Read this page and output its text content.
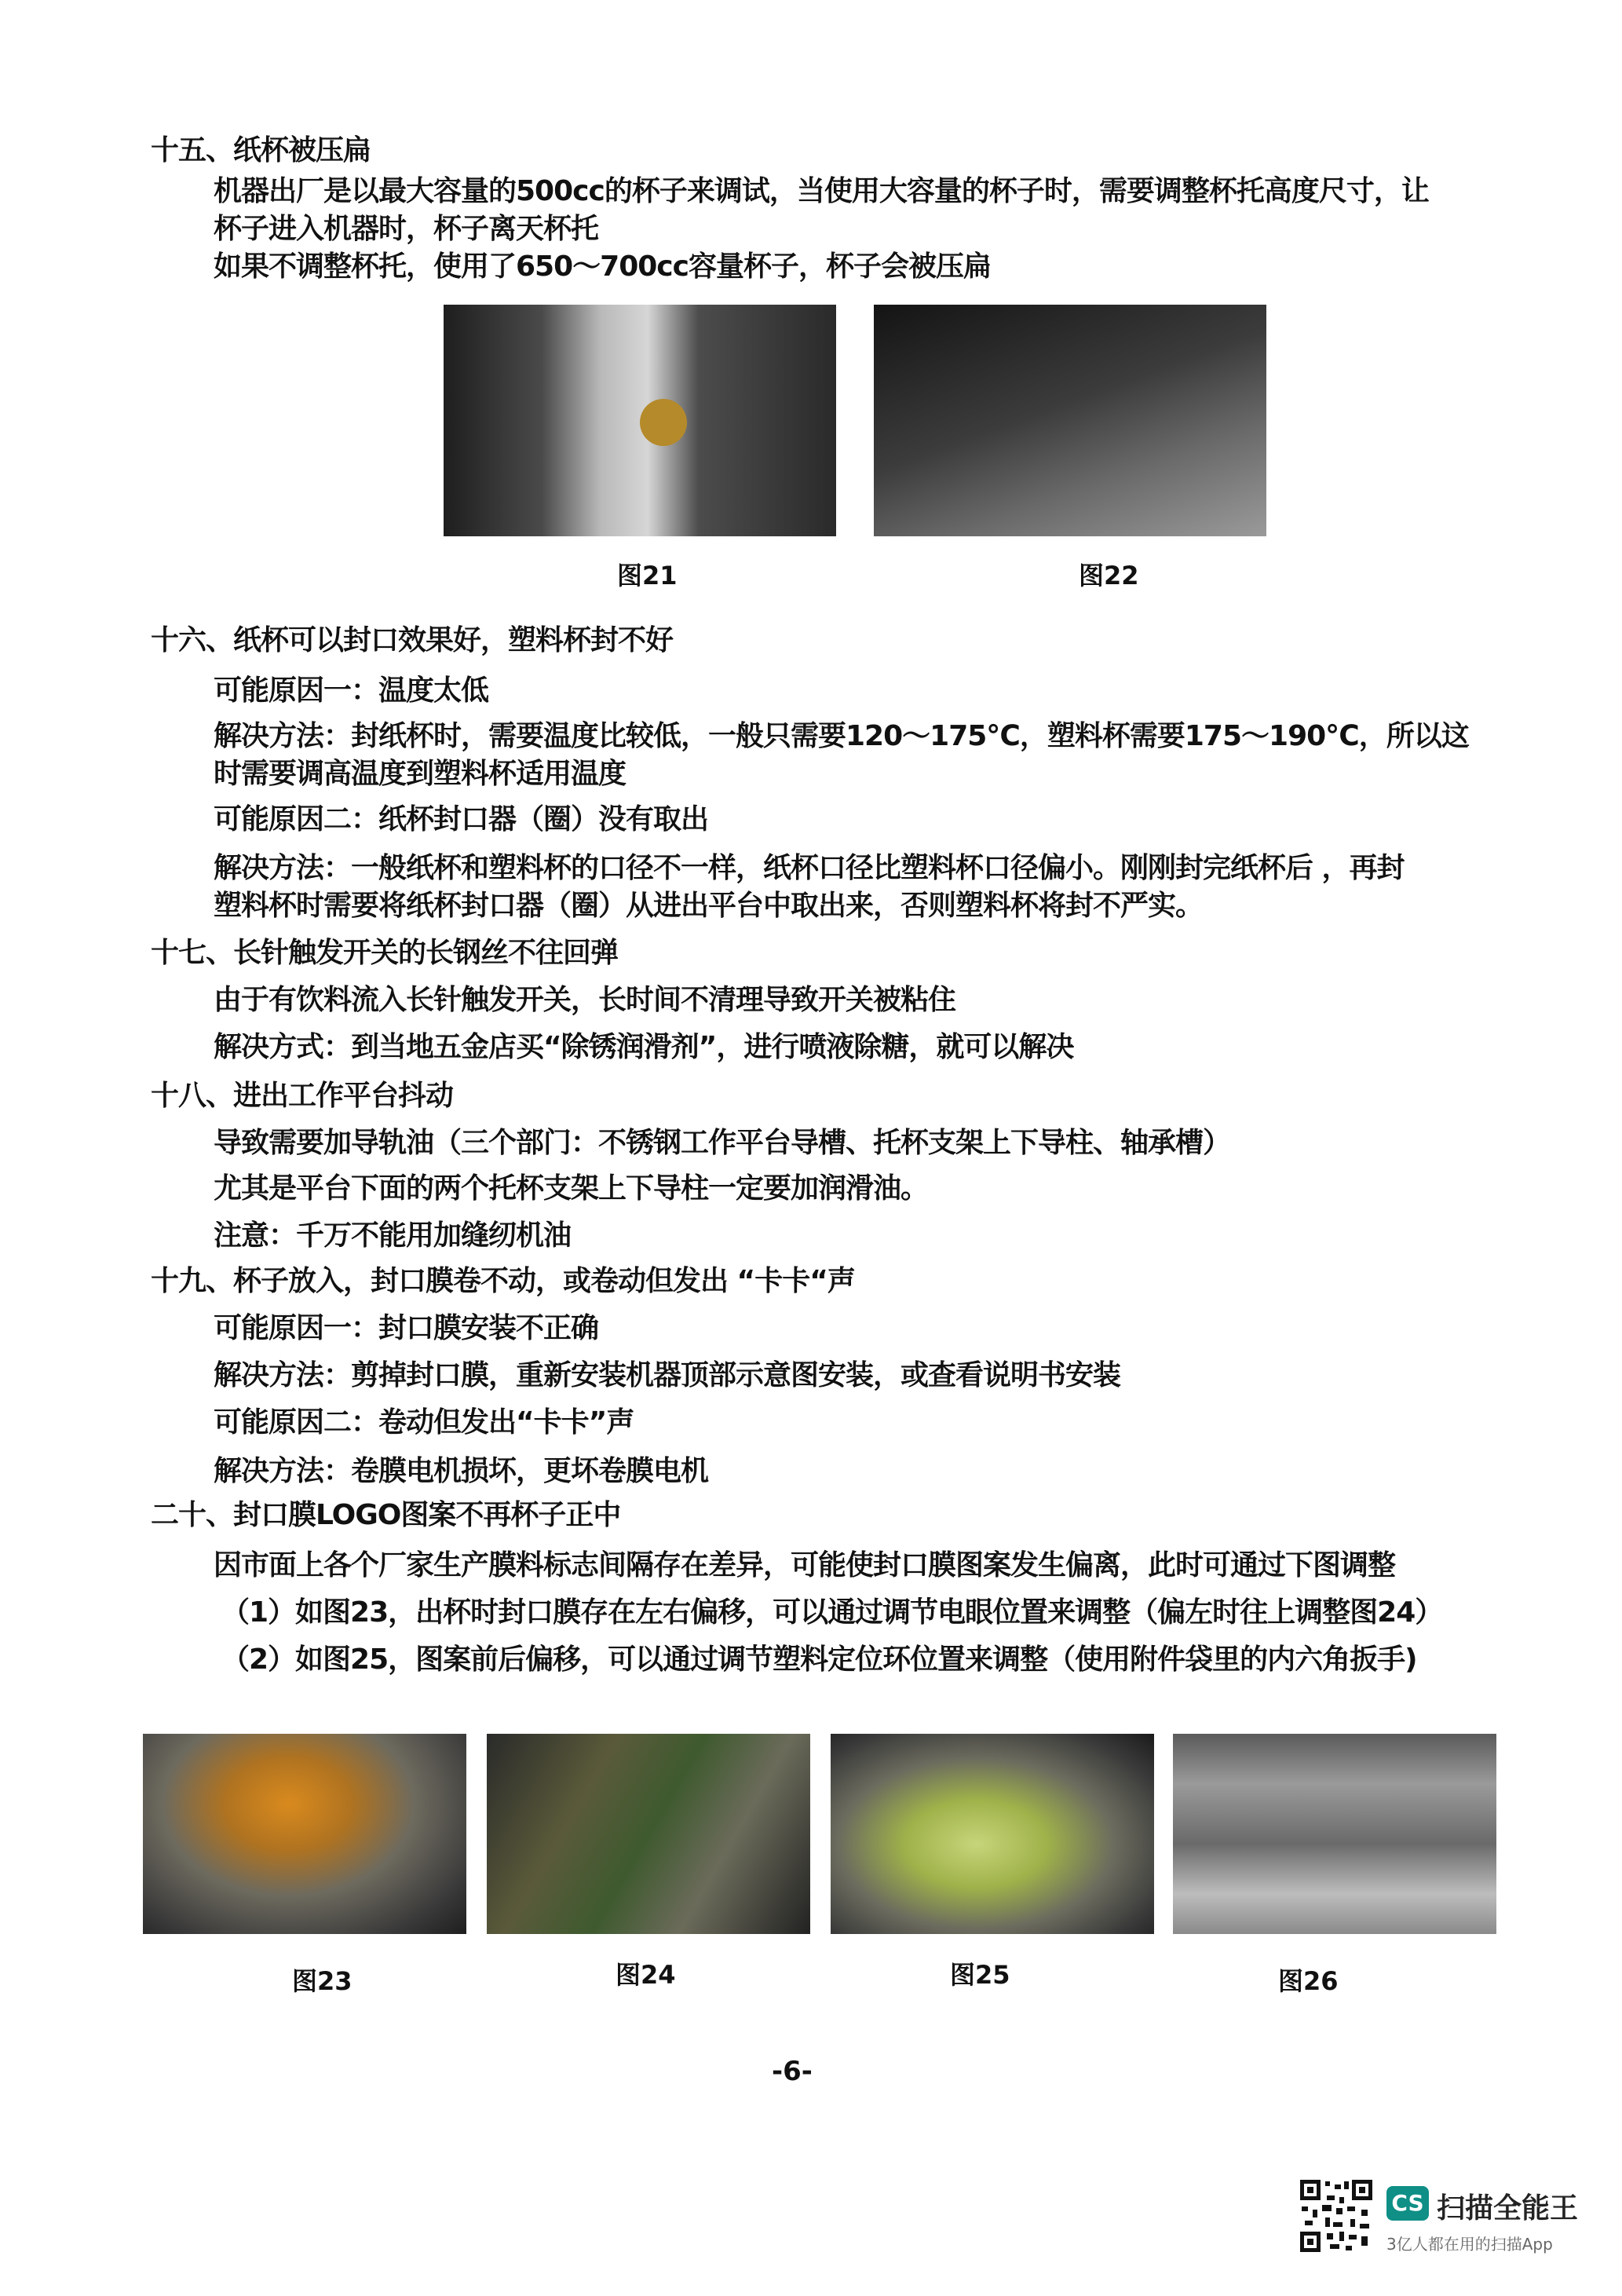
十五、纸杯被压扁
机器出厂是以最大容量的500cc的杯子来调试，当使用大容量的杯子时，需要调整杯托高度尺寸，让
杯子进入机器时，杯子离天杯托
如果不调整杯托，使用了650～700cc容量杯子，杯子会被压扁
图21	图22
十六、纸杯可以封口效果好，塑料杯封不好
可能原因一：温度太低
解决方法：封纸杯时，需要温度比较低，一般只需要120～175℃，塑料杯需要175～190℃，所以这
时需要调高温度到塑料杯适用温度
可能原因二：纸杯封口器（圈）没有取出
解决方法：一般纸杯和塑料杯的口径不一样，纸杯口径比塑料杯口径偏小。刚刚封完纸杯后 ，再封
塑料杯时需要将纸杯封口器（圈）从进出平台中取出来，否则塑料杯将封不严实。
十七、长针触发开关的长钢丝不往回弹
由于有饮料流入长针触发开关，长时间不清理导致开关被粘住
解决方式：到当地五金店买“除锈润滑剂”，进行喷液除糖，就可以解决
十八、进出工作平台抖动
导致需要加导轨油（三个部门：不锈钢工作平台导槽、托杯支架上下导柱、轴承槽）
尤其是平台下面的两个托杯支架上下导柱一定要加润滑油。
注意：千万不能用加缝纫机油
十九、杯子放入，封口膜卷不动，或卷动但发出 “卡卡“声
可能原因一：封口膜安装不正确
解决方法：剪掉封口膜，重新安装机器顶部示意图安装，或查看说明书安装
可能原因二：卷动但发出“卡卡”声
解决方法：卷膜电机损坏，更坏卷膜电机
二十、封口膜LOGO图案不再杯子正中
因市面上各个厂家生产膜料标志间隔存在差异，可能使封口膜图案发生偏离，此时可通过下图调整
（1）如图23，出杯时封口膜存在左右偏移，可以通过调节电眼位置来调整（偏左时往上调整图24）
（2）如图25，图案前后偏移，可以通过调节塑料定位环位置来调整（使用附件袋里的内六角扳手)
图23	图24	图25	图26
-6-
CS 扫描全能王
3亿人都在用的扫描App
